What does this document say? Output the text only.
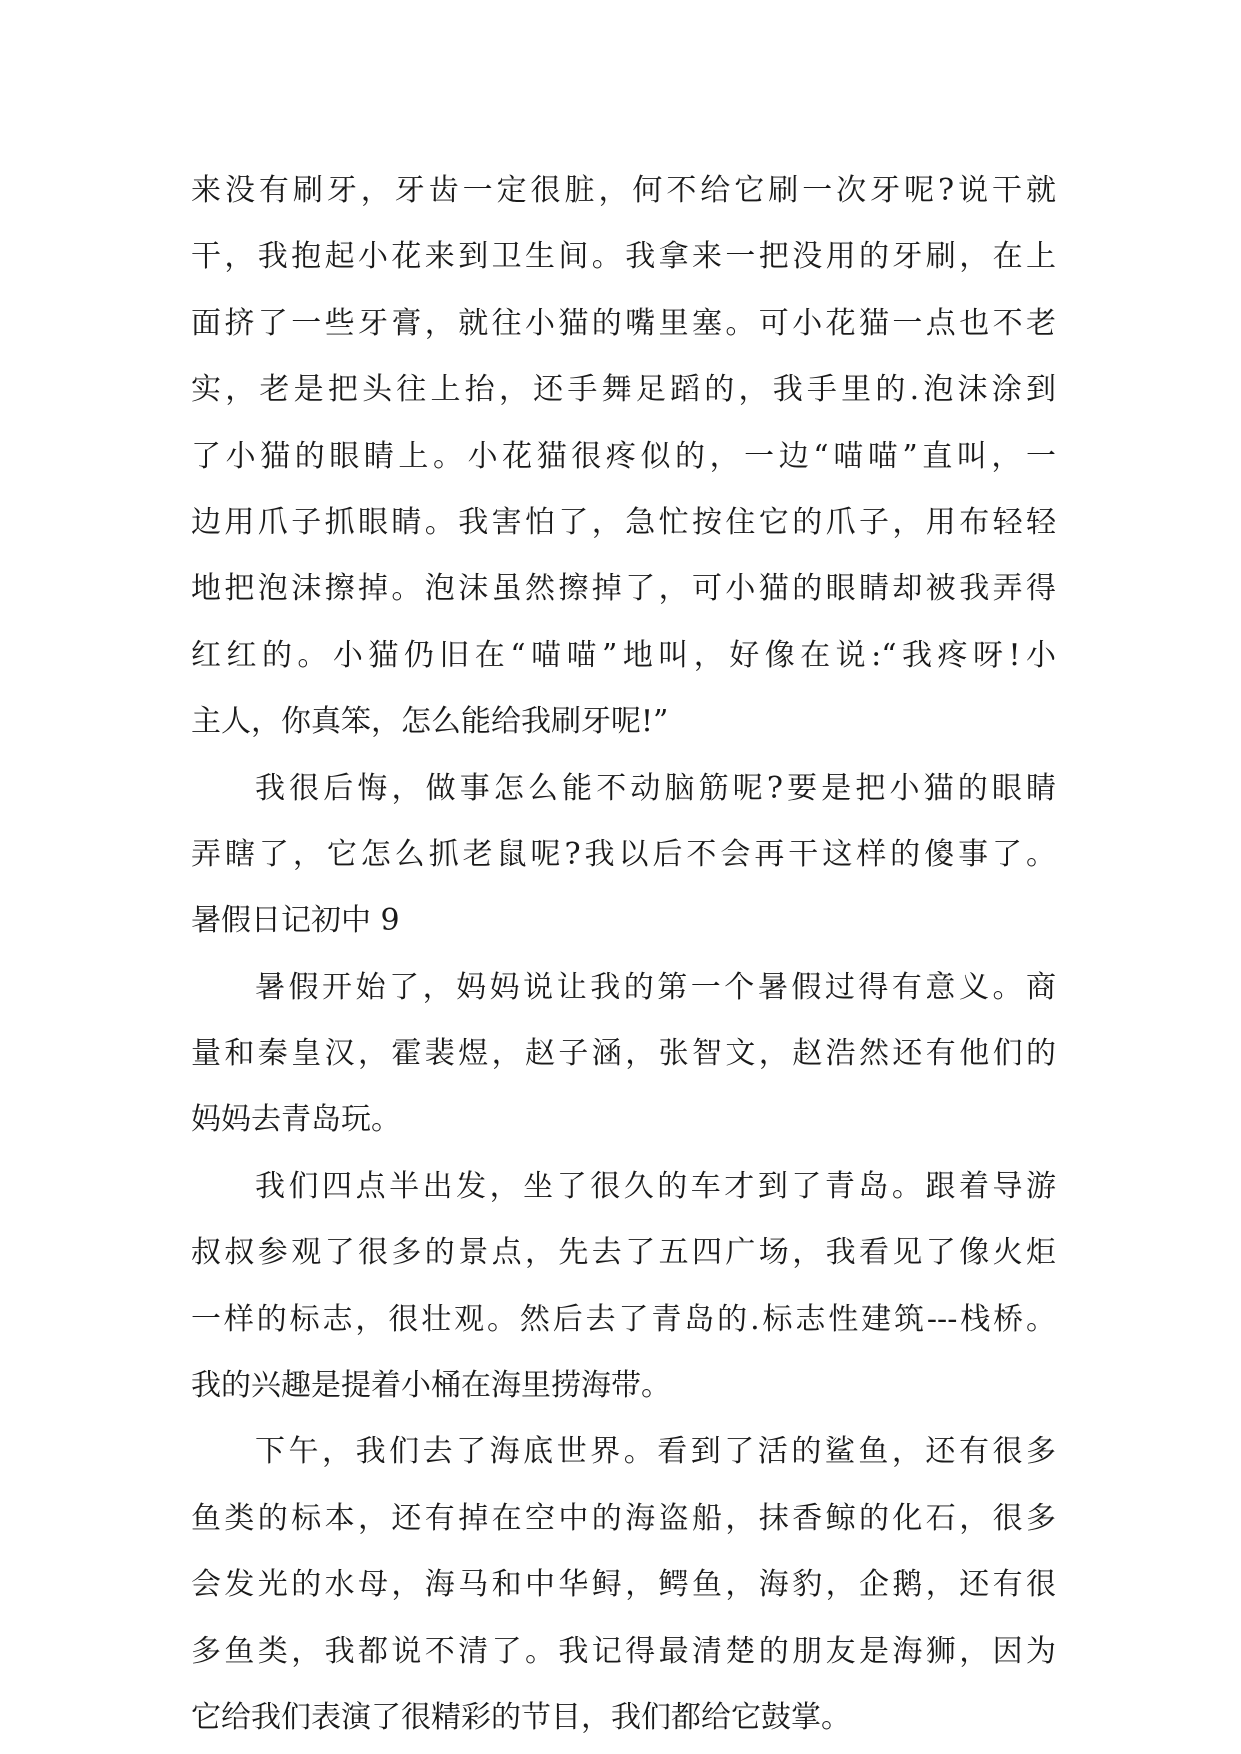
来没有刷牙，牙齿一定很脏，何不给它刷一次牙呢?说干就
干，我抱起小花来到卫生间。我拿来一把没用的牙刷，在上
面挤了一些牙膏，就往小猫的嘴里塞。可小花猫一点也不老
实，老是把头往上抬，还手舞足蹈的，我手里的.泡沫涂到
了小猫的眼睛上。小花猫很疼似的，一边“喵喵”直叫，一
边用爪子抓眼睛。我害怕了，急忙按住它的爪子，用布轻轻
地把泡沫擦掉。泡沫虽然擦掉了，可小猫的眼睛却被我弄得
红红的。小猫仍旧在“喵喵”地叫，好像在说:“我疼呀!小
主人，你真笨，怎么能给我刷牙呢!”
我很后悔，做事怎么能不动脑筋呢?要是把小猫的眼睛
弄瞎了，它怎么抓老鼠呢?我以后不会再干这样的傻事了。
暑假日记初中 9
暑假开始了，妈妈说让我的第一个暑假过得有意义。商
量和秦皇汉，霍裴煜，赵子涵，张智文，赵浩然还有他们的
妈妈去青岛玩。
我们四点半出发，坐了很久的车才到了青岛。跟着导游
叔叔参观了很多的景点，先去了五四广场，我看见了像火炬
一样的标志，很壮观。然后去了青岛的.标志性建筑---栈桥。
我的兴趣是提着小桶在海里捞海带。
下午，我们去了海底世界。看到了活的鲨鱼，还有很多
鱼类的标本，还有掉在空中的海盗船，抹香鲸的化石，很多
会发光的水母，海马和中华鲟，鳄鱼，海豹，企鹅，还有很
多鱼类，我都说不清了。我记得最清楚的朋友是海狮，因为
它给我们表演了很精彩的节目，我们都给它鼓掌。
